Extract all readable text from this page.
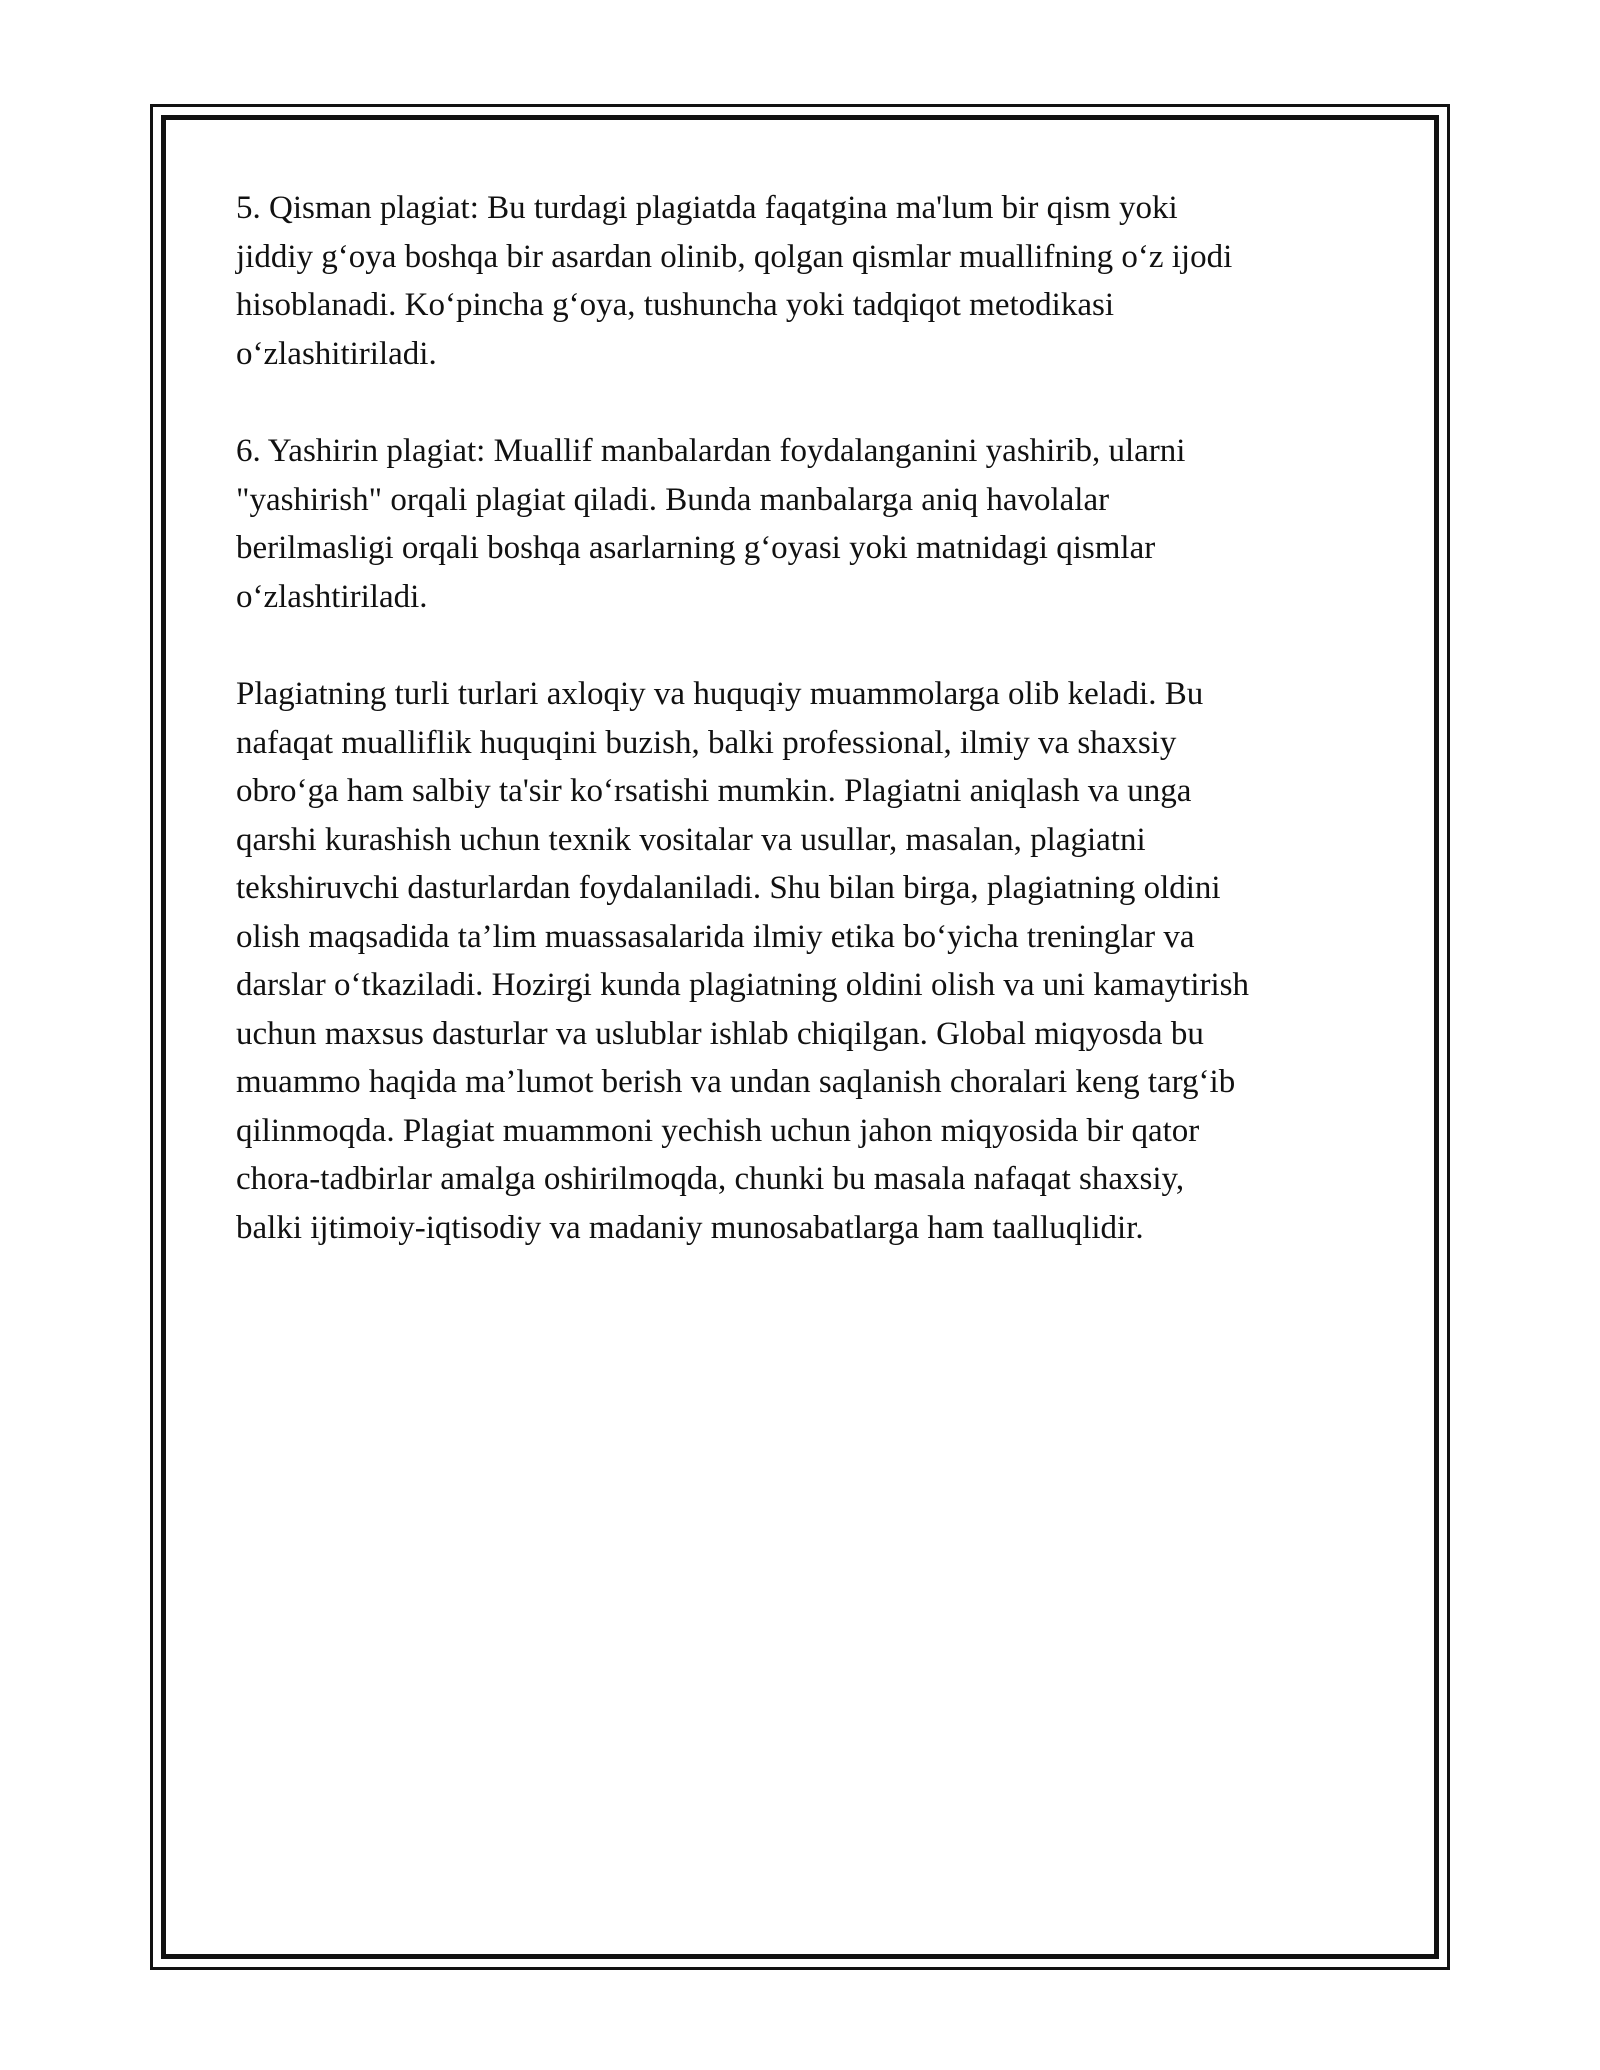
5. Qisman plagiat: Bu turdagi plagiatda faqatgina ma'lum bir qism yoki
jiddiy g‘oya boshqa bir asardan olinib, qolgan qismlar muallifning o‘z ijodi
hisoblanadi. Ko‘pincha g‘oya, tushuncha yoki tadqiqot metodikasi
o‘zlashitiriladi.

6. Yashirin plagiat: Muallif manbalardan foydalanganini yashirib, ularni
"yashirish" orqali plagiat qiladi. Bunda manbalarga aniq havolalar
berilmasligi orqali boshqa asarlarning g‘oyasi yoki matnidagi qismlar
o‘zlashtiriladi.

Plagiatning turli turlari axloqiy va huquqiy muammolarga olib keladi. Bu
nafaqat mualliflik huquqini buzish, balki professional, ilmiy va shaxsiy
obro‘ga ham salbiy ta'sir ko‘rsatishi mumkin. Plagiatni aniqlash va unga
qarshi kurashish uchun texnik vositalar va usullar, masalan, plagiatni
tekshiruvchi dasturlardan foydalaniladi. Shu bilan birga, plagiatning oldini
olish maqsadida ta’lim muassasalarida ilmiy etika bo‘yicha treninglar va
darslar o‘tkaziladi. Hozirgi kunda plagiatning oldini olish va uni kamaytirish
uchun maxsus dasturlar va uslublar ishlab chiqilgan. Global miqyosda bu
muammo haqida ma’lumot berish va undan saqlanish choralari keng targ‘ib
qilinmoqda. Plagiat muammoni yechish uchun jahon miqyosida bir qator
chora-tadbirlar amalga oshirilmoqda, chunki bu masala nafaqat shaxsiy,
balki ijtimoiy-iqtisodiy va madaniy munosabatlarga ham taalluqlidir.
